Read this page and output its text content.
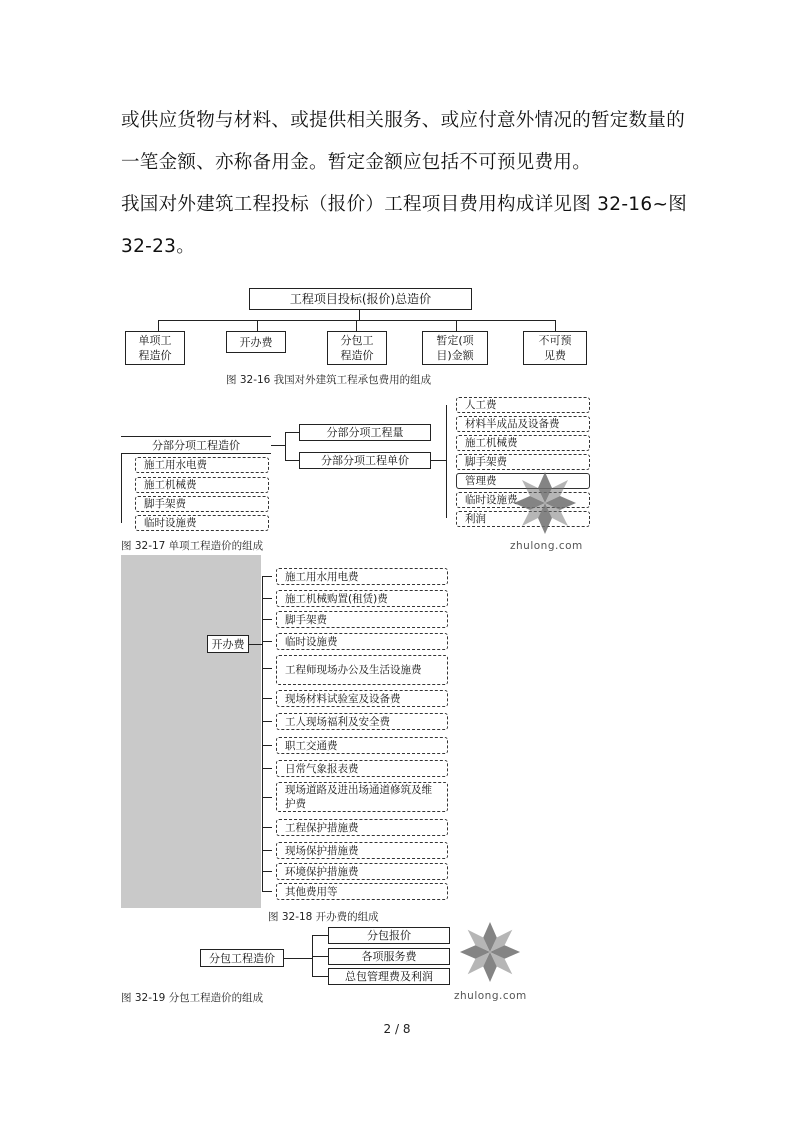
或供应货物与材料、或提供相关服务、或应付意外情况的暂定数量的
一笔金额、亦称备用金。暂定金额应包括不可预见费用。
我国对外建筑工程投标（报价）工程项目费用构成详见图 32-16~图
32-23。
工程项目投标(报价)总造价
单项工
程造价
开办费	分包工
程造价
暂定(项
目)金额
不可预
见费
图 32-16 我国对外建筑工程承包费用的组成
分部分项工程造价
分部分项工程量
分部分项工程单价
施工用水电费
施工机械费
脚手架费
临时设施费
人工费
材料半成品及设备费
施工机械费
脚手架费
管理费
临时设施费
利润
图 32-17 单项工程造价的组成	zhulong.com
开办费
施工用水用电费
施工机械购置(租赁)费
脚手架费
临时设施费
工程师现场办公及生活设施费
现场材料试验室及设备费
工人现场福利及安全费
职工交通费
日常气象报表费
现场道路及进出场通道修筑及维护费
工程保护措施费
现场保护措施费
环境保护措施费
其他费用等
图 32-18 开办费的组成
分包工程造价
分包报价
各项服务费
总包管理费及利润
图 32-19 分包工程造价的组成	zhulong.com
2 / 8
